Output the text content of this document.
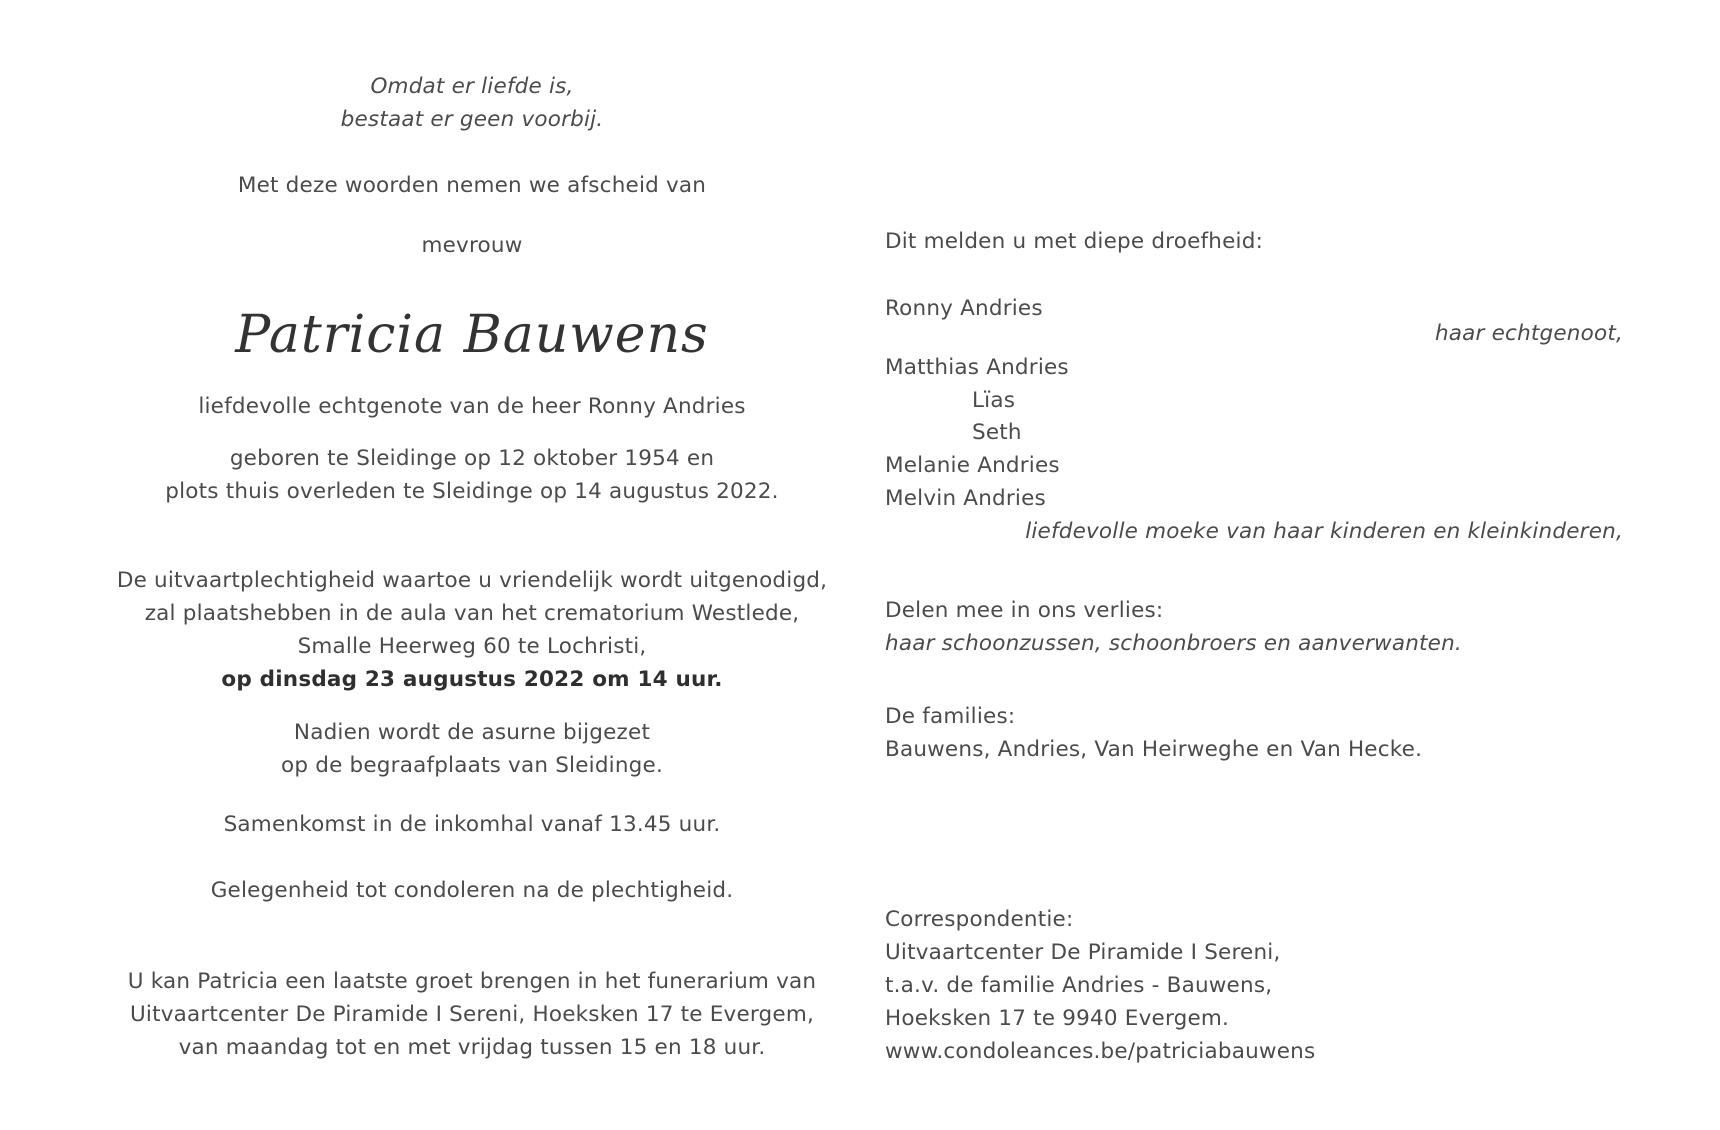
Omdat er liefde is,
bestaat er geen voorbij.
Met deze woorden nemen we afscheid van
mevrouw
Patricia Bauwens
liefdevolle echtgenote van de heer Ronny Andries
geboren te Sleidinge op 12 oktober 1954 en
plots thuis overleden te Sleidinge op 14 augustus 2022.
De uitvaartplechtigheid waartoe u vriendelijk wordt uitgenodigd,
zal plaatshebben in de aula van het crematorium Westlede,
Smalle Heerweg 60 te Lochristi,
op dinsdag 23 augustus 2022 om 14 uur.
Nadien wordt de asurne bijgezet
op de begraafplaats van Sleidinge.
Samenkomst in de inkomhal vanaf 13.45 uur.
Gelegenheid tot condoleren na de plechtigheid.
U kan Patricia een laatste groet brengen in het funerarium van
Uitvaartcenter De Piramide I Sereni, Hoeksken 17 te Evergem,
van maandag tot en met vrijdag tussen 15 en 18 uur.
Dit melden u met diepe droefheid:
Ronny Andries
haar echtgenoot,
Matthias Andries
Lïas
Seth
Melanie Andries
Melvin Andries
liefdevolle moeke van haar kinderen en kleinkinderen,
Delen mee in ons verlies:
haar schoonzussen, schoonbroers en aanverwanten.
De families:
Bauwens, Andries, Van Heirweghe en Van Hecke.
Correspondentie:
Uitvaartcenter De Piramide I Sereni,
t.a.v. de familie Andries - Bauwens,
Hoeksken 17 te 9940 Evergem.
www.condoleances.be/patriciabauwens
